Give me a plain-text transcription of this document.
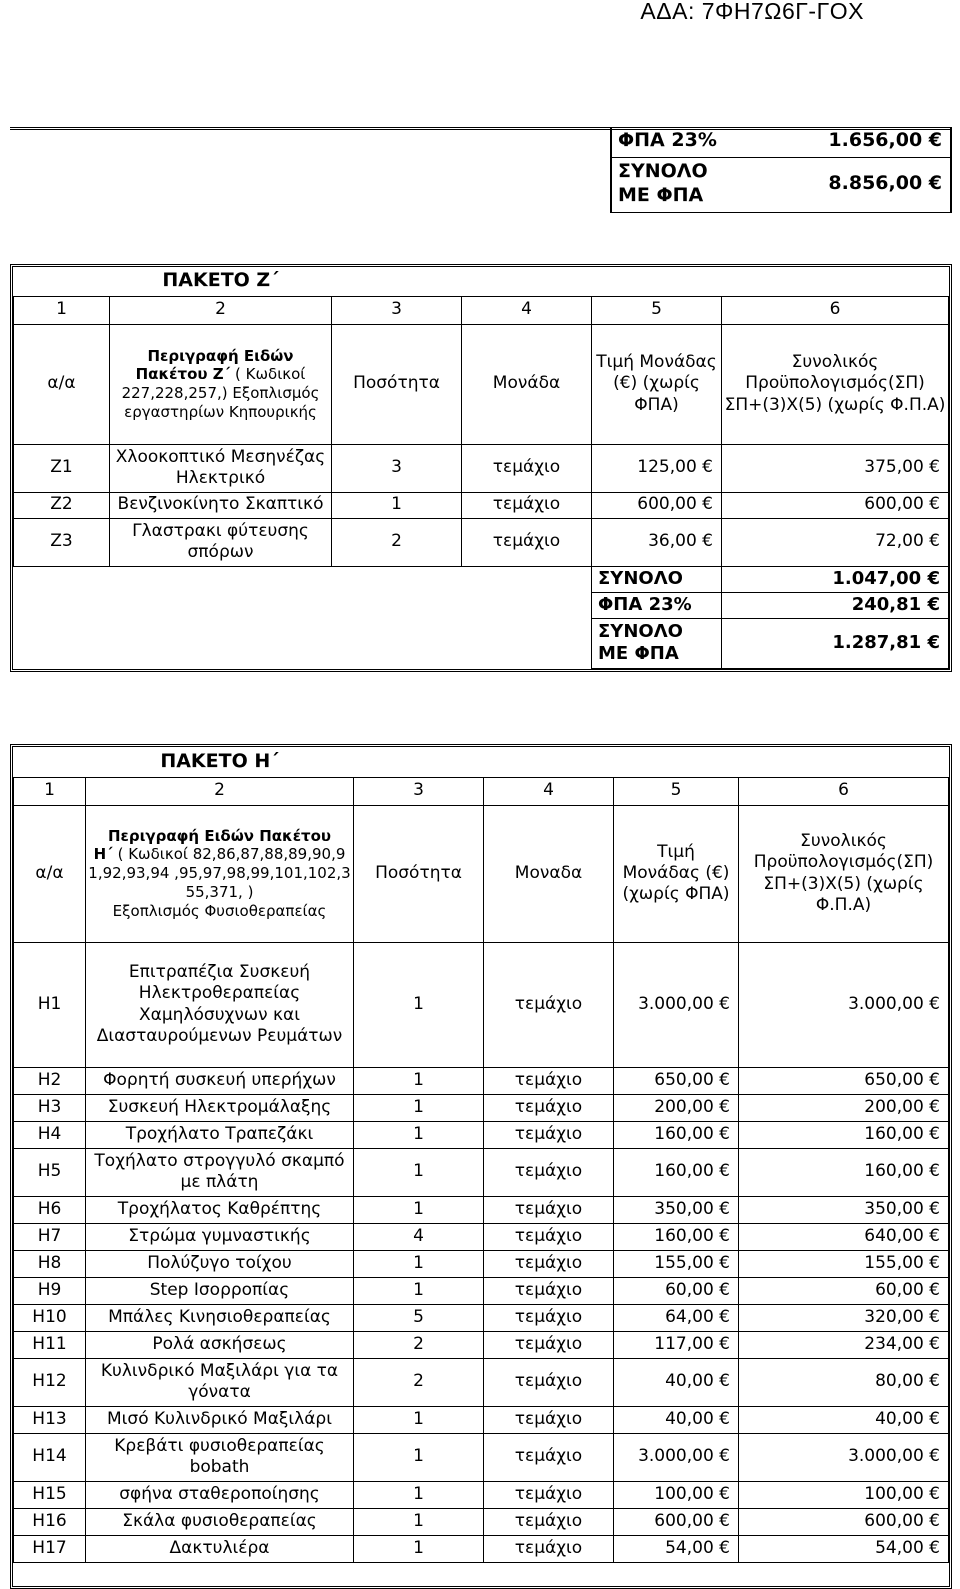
ΑΔΑ: 7ΦΗ7Ω6Γ-ΓΟΧ
ΦΠΑ 23%	1.656,00 €
ΣΥΝΟΛΟ
ΜΕ ΦΠΑ
8.856,00 €
	ΠΑΚΕΤΟ Ζ΄				
1	2	3	4	5	6
α/α	Περιγραφή Ειδών
Πακέτου Ζ΄ ( Κωδικοί 227,228,257,) Εξοπλισμός εργαστηρίων Κηπουρικής	Ποσότητα	Μονάδα	Τιμή Μονάδας (€) (χωρίς ΦΠΑ)	Συνολικός Προϋπολογισμός(ΣΠ) ΣΠ+(3)Χ(5) (χωρίς Φ.Π.Α)
Ζ1	Χλοοκοπτικό Μεσηνέζας Ηλεκτρικό	3	τεμάχιο	125,00 €	375,00 €
Ζ2	Βενζινοκίνητο Σκαπτικό	1	τεμάχιο	600,00 €	600,00 €
Ζ3	Γλαστρακι φύτευσης σπόρων	2	τεμάχιο	36,00 €	72,00 €
				ΣΥΝΟΛΟ	1.047,00 €
				ΦΠΑ 23%	240,81 €
				ΣΥΝΟΛΟ
ΜΕ ΦΠΑ	1.287,81 €
	ΠΑΚΕΤΟ Η΄				
1	2	3	4	5	6
α/α	Περιγραφή Ειδών Πακέτου
Η΄ ( Κωδικοί 82,86,87,88,89,90,91,92,93,94 ,95,97,98,99,101,102,355,371, )
Εξοπλισμός Φυσιοθεραπείας	Ποσότητα	Μοναδα	Τιμή Μονάδας (€) (χωρίς ΦΠΑ)	Συνολικός Προϋπολογισμός(ΣΠ) ΣΠ+(3)Χ(5) (χωρίς Φ.Π.Α)
Η1	Επιτραπέζια Συσκευή Ηλεκτροθεραπείας Χαμηλόσυχνων και Διασταυρούμενων Ρευμάτων	1	τεμάχιο	3.000,00 €	3.000,00 €
Η2	Φορητή συσκευή υπερήχων	1	τεμάχιο	650,00 €	650,00 €
Η3	Συσκευή Ηλεκτρομάλαξης	1	τεμάχιο	200,00 €	200,00 €
Η4	Τροχήλατο Τραπεζάκι	1	τεμάχιο	160,00 €	160,00 €
Η5	Τοχήλατο στρογγυλό σκαμπό με πλάτη	1	τεμάχιο	160,00 €	160,00 €
Η6	Τροχήλατος Καθρέπτης	1	τεμάχιο	350,00 €	350,00 €
Η7	Στρώμα γυμναστικής	4	τεμάχιο	160,00 €	640,00 €
Η8	Πολύζυγο τοίχου	1	τεμάχιο	155,00 €	155,00 €
Η9	Step Ισορροπίας	1	τεμάχιο	60,00 €	60,00 €
Η10	Μπάλες Κινησιοθεραπείας	5	τεμάχιο	64,00 €	320,00 €
Η11	Ρολά ασκήσεως	2	τεμάχιο	117,00 €	234,00 €
Η12	Κυλινδρικό Μαξιλάρι για τα γόνατα	2	τεμάχιο	40,00 €	80,00 €
Η13	Μισό Κυλινδρικό Μαξιλάρι	1	τεμάχιο	40,00 €	40,00 €
Η14	Κρεβάτι φυσιοθεραπείας bobath	1	τεμάχιο	3.000,00 €	3.000,00 €
Η15	σφήνα σταθεροποίησης	1	τεμάχιο	100,00 €	100,00 €
Η16	Σκάλα φυσιοθεραπείας	1	τεμάχιο	600,00 €	600,00 €
Η17	Δακτυλιέρα	1	τεμάχιο	54,00 €	54,00 €
